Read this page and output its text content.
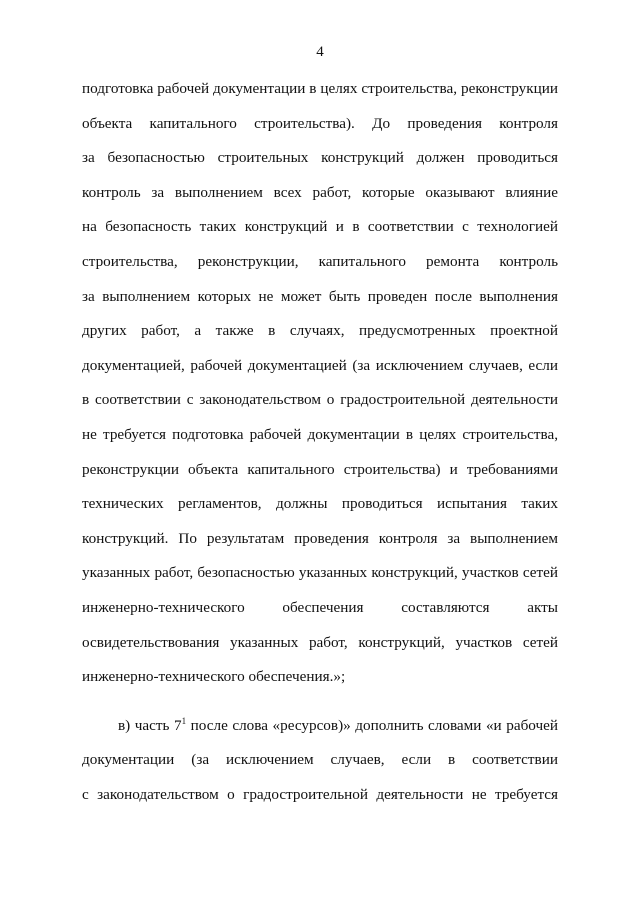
4
подготовка рабочей документации в целях строительства, реконструкции
объекта капитального строительства). До проведения контроля
за безопасностью строительных конструкций должен проводиться
контроль за выполнением всех работ, которые оказывают влияние
на безопасность таких конструкций и в соответствии с технологией
строительства, реконструкции, капитального ремонта контроль
за выполнением которых не может быть проведен после выполнения
других работ, а также в случаях, предусмотренных проектной
документацией, рабочей документацией (за исключением случаев, если
в соответствии с законодательством о градостроительной деятельности
не требуется подготовка рабочей документации в целях строительства,
реконструкции объекта капитального строительства) и требованиями
технических регламентов, должны проводиться испытания таких
конструкций. По результатам проведения контроля за выполнением
указанных работ, безопасностью указанных конструкций, участков сетей
инженерно-технического обеспечения составляются акты
освидетельствования указанных работ, конструкций, участков сетей
инженерно-технического обеспечения.»;
в) часть $7^1$ после слова «ресурсов)» дополнить словами «и рабочей
документации (за исключением случаев, если в соответствии
с законодательством о градостроительной деятельности не требуется
